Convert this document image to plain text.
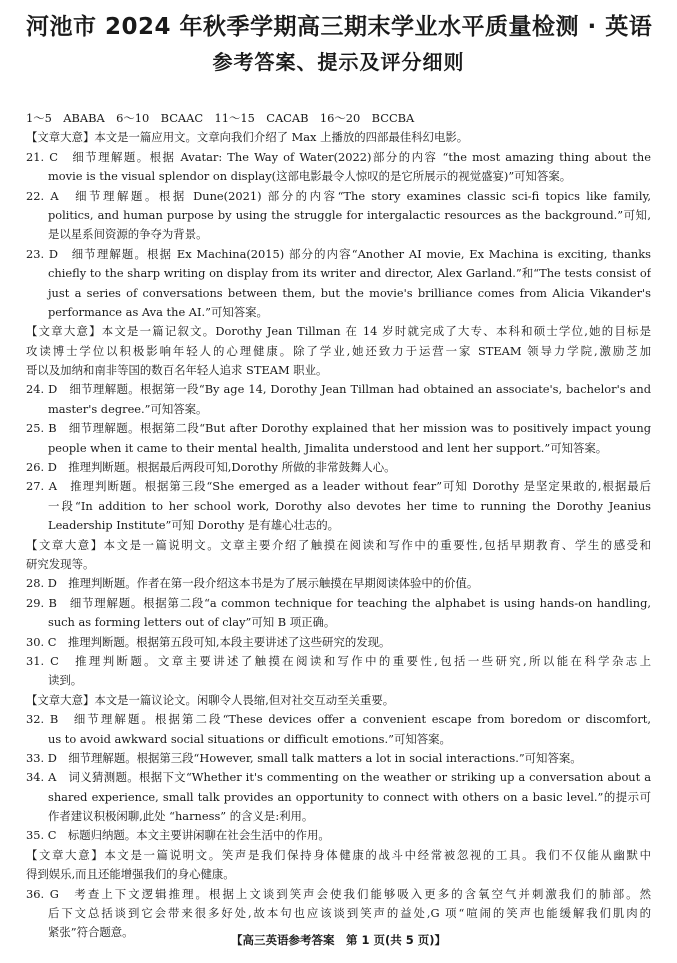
河池市 2024 年秋季学期高三期末学业水平质量检测 · 英语
参考答案、提示及评分细则
1～5　ABABA　6～10　BCAAC　11～15　CACAB　16～20　BCCBA
【文章大意】本文是一篇应用文。文章向我们介绍了 Max 上播放的四部最佳科幻电影。
21. C　细节理解题。根据 Avatar: The Way of Water(2022)部分的内容 “the most amazing thing about the
movie is the visual splendor on display(这部电影最令人惊叹的是它所展示的视觉盛宴)”可知答案。
22. A　细节理解题。根据 Dune(2021) 部分的内容“The story examines classic sci-fi topics like family,
politics, and human purpose by using the struggle for intergalactic resources as the background.”可知,
是以星系间资源的争夺为背景。
23. D　细节理解题。根据 Ex Machina(2015) 部分的内容“Another AI movie, Ex Machina is exciting, thanks
chiefly to the sharp writing on display from its writer and director, Alex Garland.”和“The tests consist of
just a series of conversations between them, but the movie's brilliance comes from Alicia Vikander's
performance as Ava the AI.”可知答案。
【文章大意】本文是一篇记叙文。Dorothy Jean Tillman 在 14 岁时就完成了大专、本科和硕士学位,她的目标是
攻读博士学位以积极影响年轻人的心理健康。除了学业,她还致力于运营一家 STEAM 领导力学院,激励芝加
哥以及加纳和南非等国的数百名年轻人追求 STEAM 职业。
24. D　细节理解题。根据第一段“By age 14, Dorothy Jean Tillman had obtained an associate's, bachelor's and
master's degree.”可知答案。
25. B　细节理解题。根据第二段“But after Dorothy explained that her mission was to positively impact young
people when it came to their mental health, Jimalita understood and lent her support.”可知答案。
26. D　推理判断题。根据最后两段可知,Dorothy 所做的非常鼓舞人心。
27. A　推理判断题。根据第三段“She emerged as a leader without fear”可知 Dorothy 是坚定果敢的,根据最后
一段“In addition to her school work, Dorothy also devotes her time to running the Dorothy Jeanius
Leadership Institute”可知 Dorothy 是有雄心壮志的。
【文章大意】本文是一篇说明文。文章主要介绍了触摸在阅读和写作中的重要性,包括早期教育、学生的感受和
研究发现等。
28. D　推理判断题。作者在第一段介绍这本书是为了展示触摸在早期阅读体验中的价值。
29. B　细节理解题。根据第二段“a common technique for teaching the alphabet is using hands-on handling,
such as forming letters out of clay”可知 B 项正确。
30. C　推理判断题。根据第五段可知,本段主要讲述了这些研究的发现。
31. C　推理判断题。文章主要讲述了触摸在阅读和写作中的重要性,包括一些研究,所以能在科学杂志上
读到。
【文章大意】本文是一篇议论文。闲聊令人畏缩,但对社交互动至关重要。
32. B　细节理解题。根据第二段“These devices offer a convenient escape from boredom or discomfort,
us to avoid awkward social situations or difficult emotions.”可知答案。
33. D　细节理解题。根据第三段“However, small talk matters a lot in social interactions.”可知答案。
34. A　词义猜测题。根据下文“Whether it's commenting on the weather or striking up a conversation about a
shared experience, small talk provides an opportunity to connect with others on a basic level.”的提示可
作者建议积极闲聊,此处 “harness” 的含义是:利用。
35. C　标题归纳题。本文主要讲闲聊在社会生活中的作用。
【文章大意】本文是一篇说明文。笑声是我们保持身体健康的战斗中经常被忽视的工具。我们不仅能从幽默中
得到娱乐,而且还能增强我们的身心健康。
36. G　考查上下文逻辑推理。根据上文谈到笑声会使我们能够吸入更多的含氧空气并刺激我们的肺部。然
后下文总括谈到它会带来很多好处,故本句也应该谈到笑声的益处,G 项“喧闹的笑声也能缓解我们肌肉的
紧张”符合题意。
【高三英语参考答案　第 1 页(共 5 页)】
